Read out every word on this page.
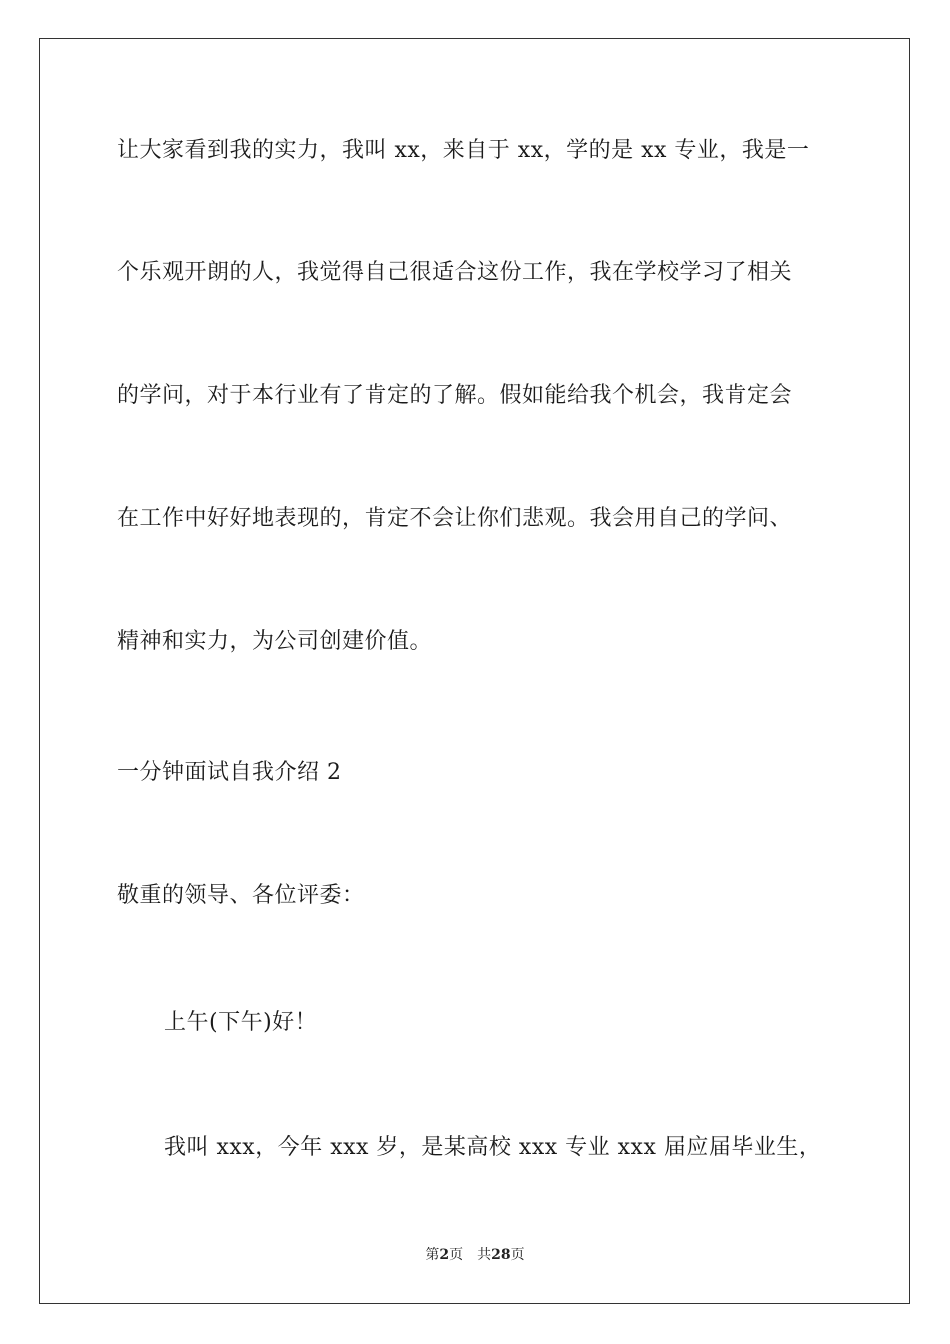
让大家看到我的实力，我叫 xx，来自于 xx，学的是 xx 专业，我是一
个乐观开朗的人，我觉得自己很适合这份工作，我在学校学习了相关
的学问，对于本行业有了肯定的了解。假如能给我个机会，我肯定会
在工作中好好地表现的，肯定不会让你们悲观。我会用自己的学问、
精神和实力，为公司创建价值。
一分钟面试自我介绍 2
敬重的领导、各位评委：
上午(下午)好！
我叫 xxx，今年 xxx 岁，是某高校 xxx 专业 xxx 届应届毕业生，
第2页 共28页
